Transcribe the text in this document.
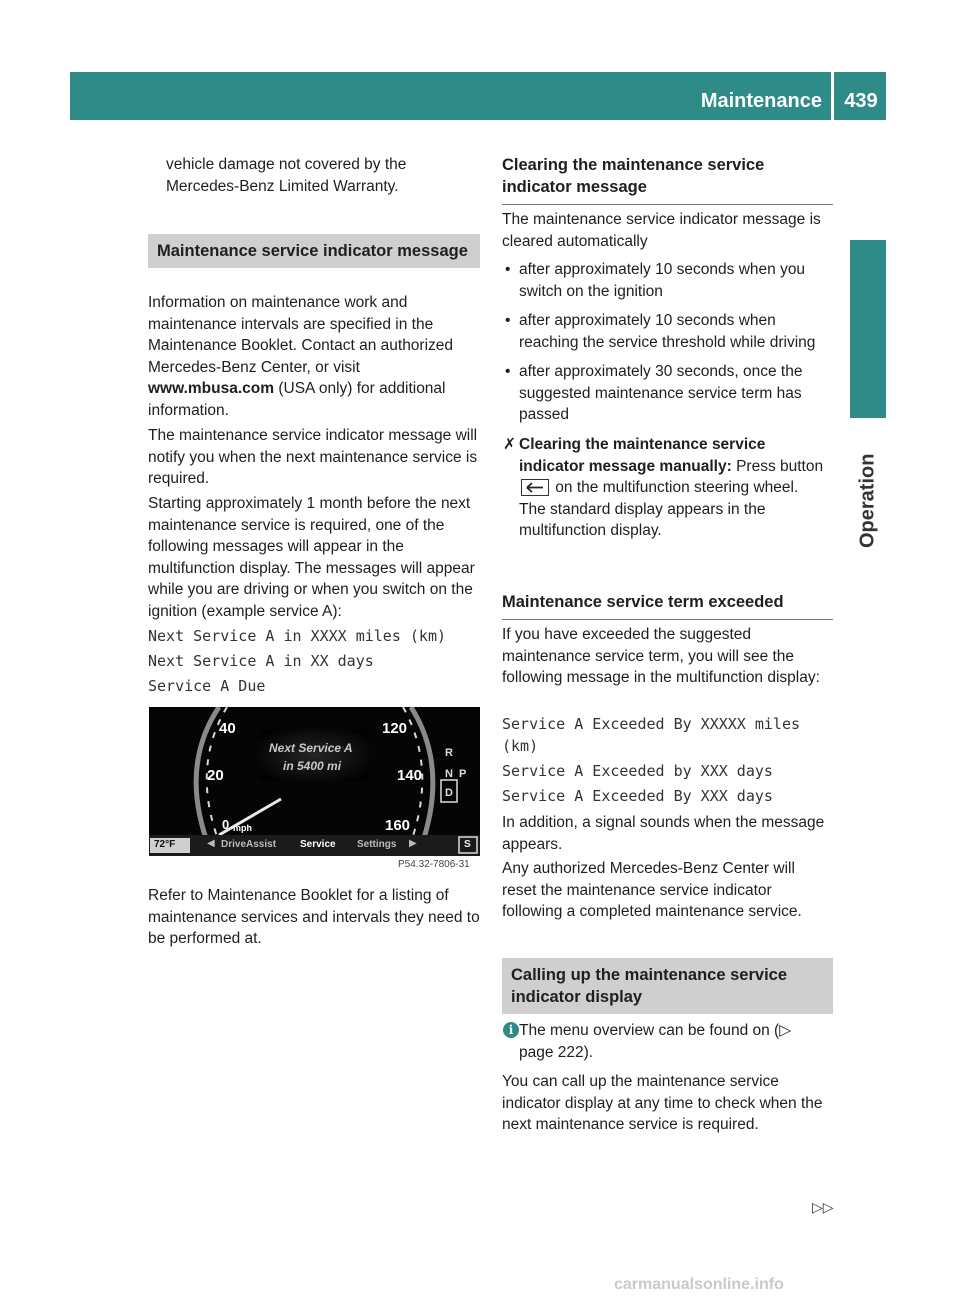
Maintenance	439
Operation

vehicle damage not covered by the Mercedes-Benz Limited Warranty.

Maintenance service indicator message

Information on maintenance work and maintenance intervals are specified in the Maintenance Booklet. Contact an authorized Mercedes-Benz Center, or visit www.mbusa.com (USA only) for additional information.

The maintenance service indicator message will notify you when the next maintenance service is required.

Starting approximately 1 month before the next maintenance service is required, one of the following messages will appear in the multifunction display. The messages will appear while you are driving or when you switch on the ignition (example service A):

Next Service A in XXXX miles (km)
Next Service A in XX days
Service A Due
40
20
0 mph
120
140
160
Next Service A
in 5400 mi
R
N P
D
72°F	◀ DriveAssist Service Settings ▶	S
P54.32-7806-31

Refer to Maintenance Booklet for a listing of maintenance services and intervals they need to be performed at.

Clearing the maintenance service indicator message

The maintenance service indicator message is cleared automatically

• after approximately 10 seconds when you switch on the ignition
• after approximately 10 seconds when reaching the service threshold while driving
• after approximately 30 seconds, once the suggested maintenance service term has passed
✗ Clearing the maintenance service indicator message manually: Press button
on the multifunction steering wheel.
The standard display appears in the multifunction display.
Maintenance service term exceeded

If you have exceeded the suggested maintenance service term, you will see the following message in the multifunction display:

Service A Exceeded By XXXXX miles
(km)
Service A Exceeded by XXX days
Service A Exceeded By XXX days

In addition, a signal sounds when the message appears.

Any authorized Mercedes-Benz Center will reset the maintenance service indicator following a completed maintenance service.

Calling up the maintenance service indicator display
i The menu overview can be found on (▷ page 222).

You can call up the maintenance service indicator display at any time to check when the next maintenance service is required.

▷▷
carmanualsonline.info
